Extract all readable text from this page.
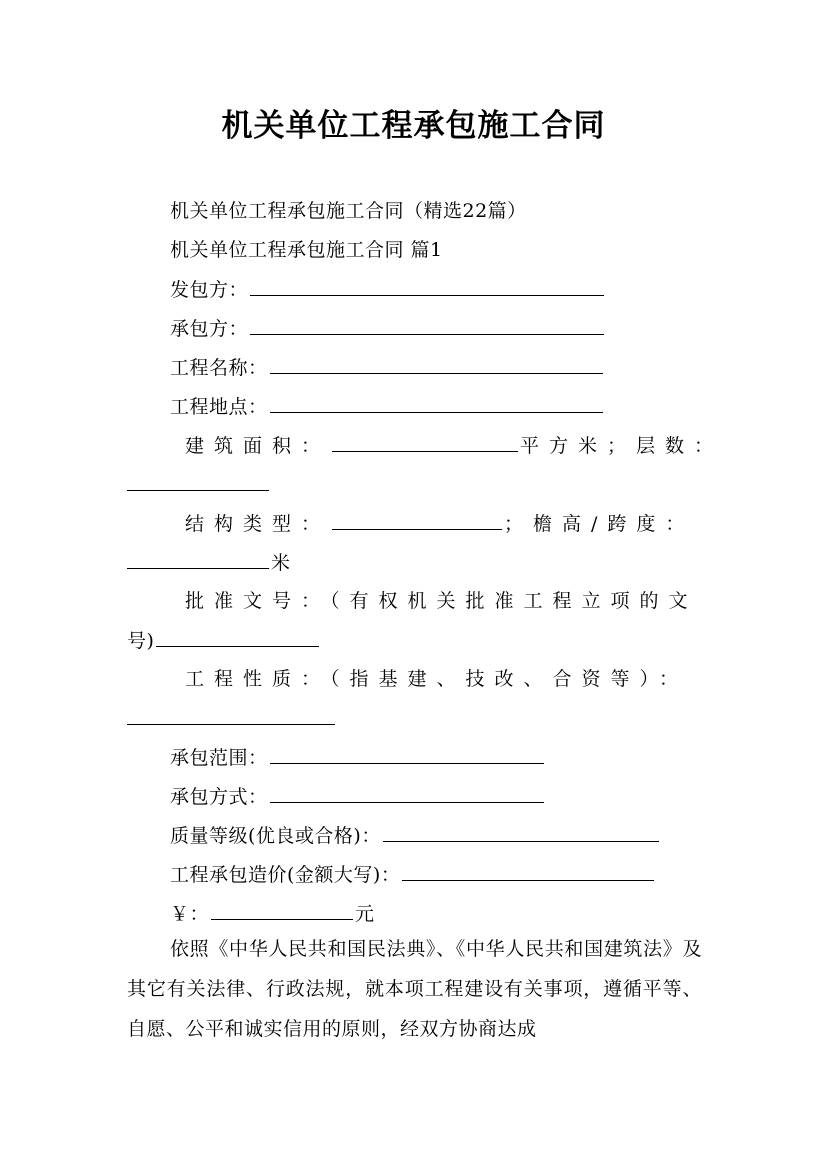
机关单位工程承包施工合同
机关单位工程承包施工合同（精选22篇）
机关单位工程承包施工合同 篇1
发包方：
承包方：
工程名称：
工程地点：
建筑面积：	平方米；层数：
结构类型：	；檐高/跨度：
米
批准文号：（有权机关批准工程立项的文
号)
工程性质：（指基建、技改、合资等）：
承包范围：
承包方式：
质量等级(优良或合格)：
工程承包造价(金额大写)：
￥：	元
依照《中华人民共和国民法典》、《中华人民共和国建筑法》及其它有关法律、行政法规，就本项工程建设有关事项，遵循平等、自愿、公平和诚实信用的原则，经双方协商达成
